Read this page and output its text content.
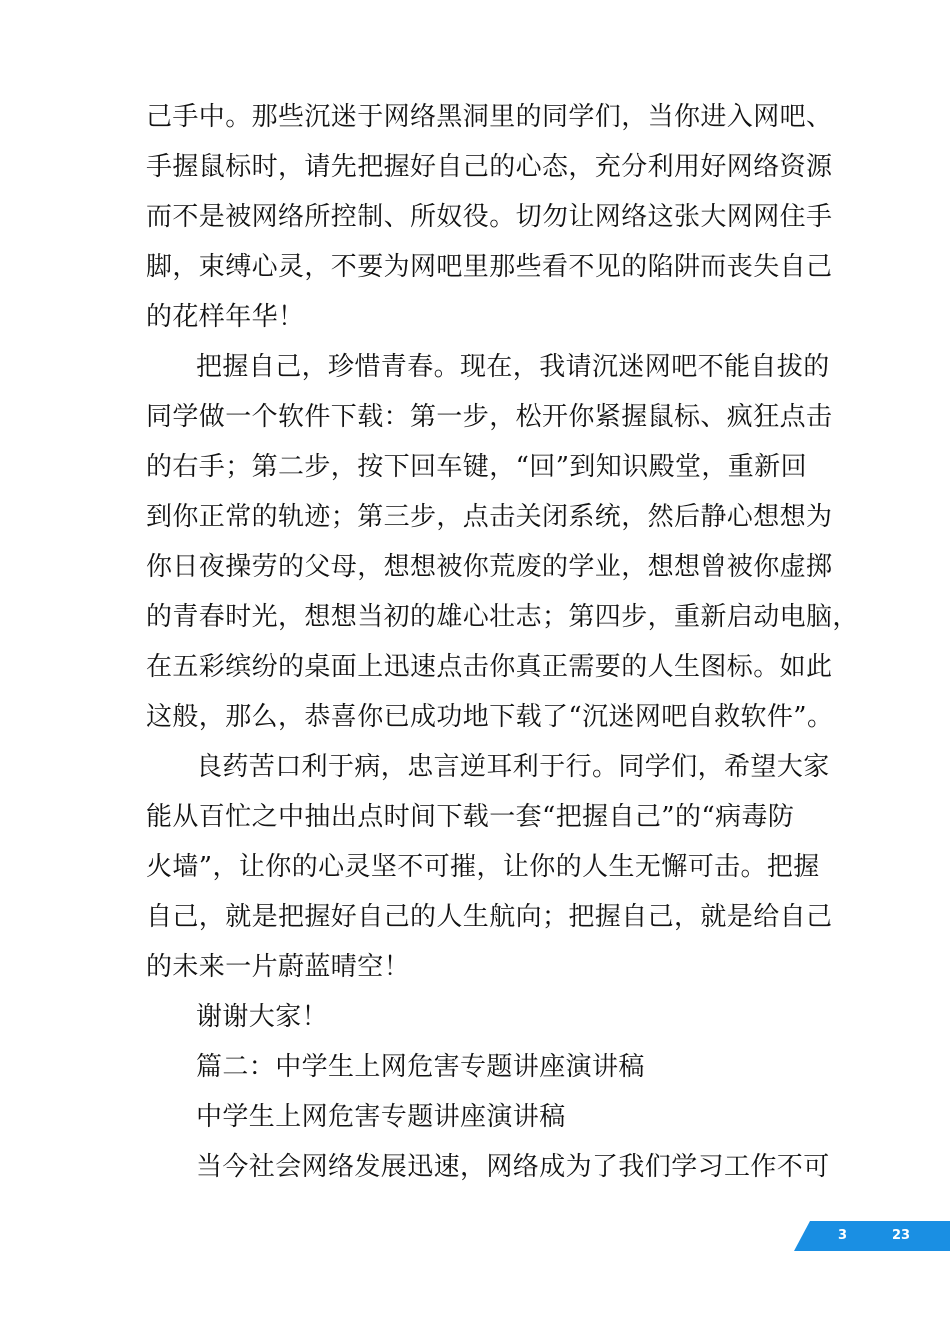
己手中。那些沉迷于网络黑洞里的同学们，当你进入网吧、
手握鼠标时，请先把握好自己的心态，充分利用好网络资源
而不是被网络所控制、所奴役。切勿让网络这张大网网住手
脚，束缚心灵，不要为网吧里那些看不见的陷阱而丧失自己
的花样年华！
把握自己，珍惜青春。现在，我请沉迷网吧不能自拔的
同学做一个软件下载：第一步，松开你紧握鼠标、疯狂点击
的右手；第二步，按下回车键，“回”到知识殿堂，重新回
到你正常的轨迹；第三步，点击关闭系统，然后静心想想为
你日夜操劳的父母，想想被你荒废的学业，想想曾被你虚掷
的青春时光，想想当初的雄心壮志；第四步，重新启动电脑，
在五彩缤纷的桌面上迅速点击你真正需要的人生图标。如此
这般，那么，恭喜你已成功地下载了“沉迷网吧自救软件”。
良药苦口利于病，忠言逆耳利于行。同学们，希望大家
能从百忙之中抽出点时间下载一套“把握自己”的“病毒防
火墙”，让你的心灵坚不可摧，让你的人生无懈可击。把握
自己，就是把握好自己的人生航向；把握自己，就是给自己
的未来一片蔚蓝晴空！
谢谢大家！
篇二：中学生上网危害专题讲座演讲稿
中学生上网危害专题讲座演讲稿
当今社会网络发展迅速，网络成为了我们学习工作不可
3	23
